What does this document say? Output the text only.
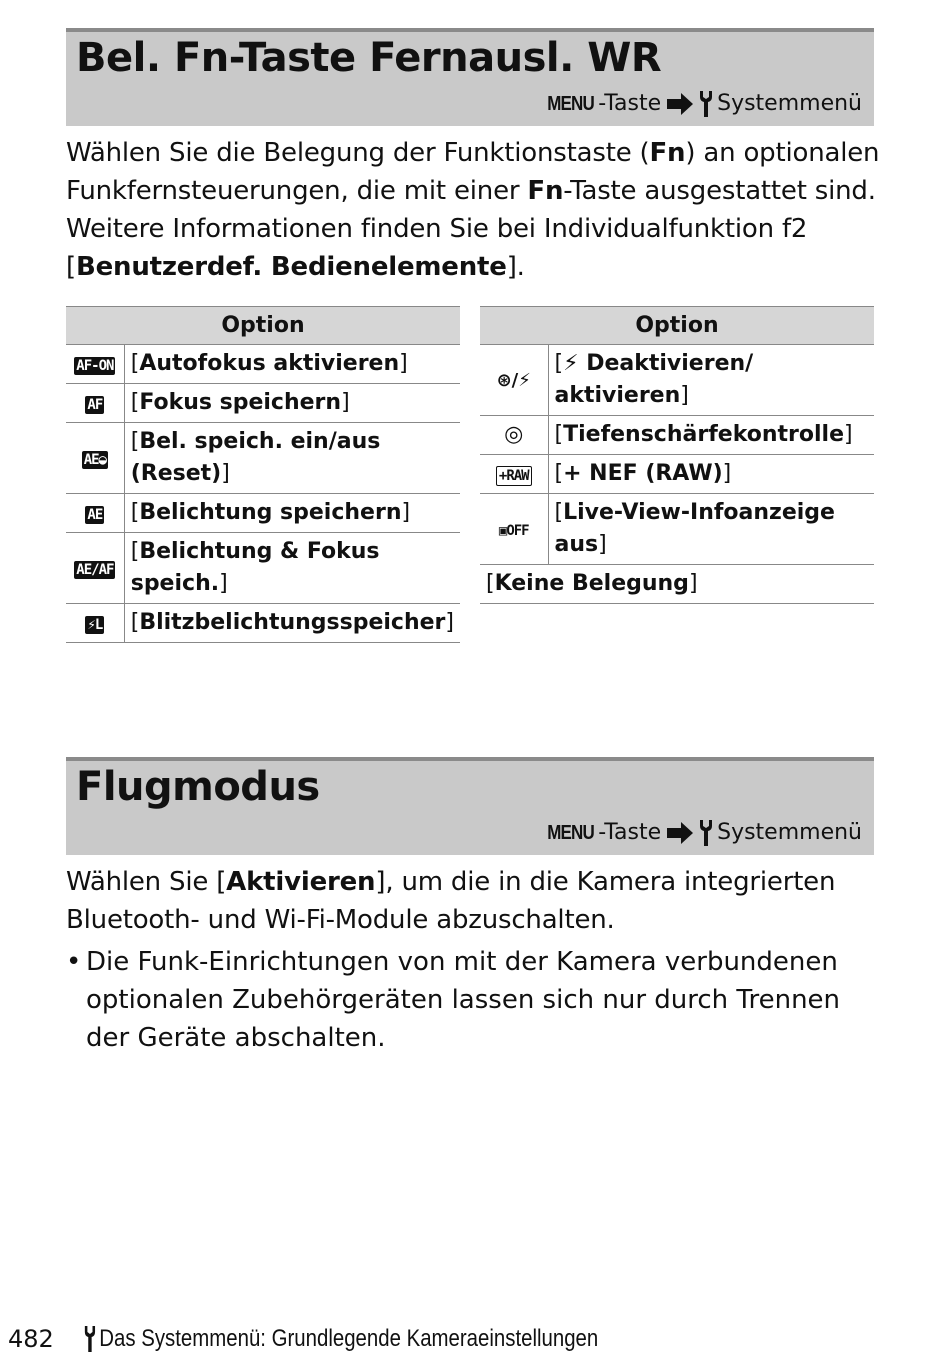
Bel. Fn-Taste Fernausl. WR
MENU -Taste	Systemmenü

Wählen Sie die Belegung der Funktionstaste (Fn) an optionalen Funkfernsteuerungen, die mit einer Fn-Taste ausgestattet sind. Weitere Informationen finden Sie bei Individualfunktion f2 [Benutzerdef. Bedienelemente].

Option	
AF-ON	[Autofokus aktivieren]
AF	[Fokus speichern]
AE◒	[Bel. speich. ein/aus (Reset)]
AE	[Belichtung speichern]
AE/AF	[Belichtung & Fokus speich.]
⚡L	[Blitzbelichtungsspeicher]
Option	
⊛/⚡	[⚡ Deaktivieren/ aktivieren]
◎	[Tiefenschärfekontrolle]
+RAW	[+ NEF (RAW)]
▣OFF	[Live-View-Infoanzeige aus]
[Keine Belegung]	
Flugmodus
MENU -Taste	Systemmenü

Wählen Sie [Aktivieren], um die in die Kamera integrierten Bluetooth- und Wi-Fi-Module abzuschalten.

• Die Funk-Einrichtungen von mit der Kamera verbundenen optionalen Zubehörgeräten lassen sich nur durch Trennen der Geräte abschalten.
482 Das Systemmenü: Grundlegende Kameraeinstellungen
